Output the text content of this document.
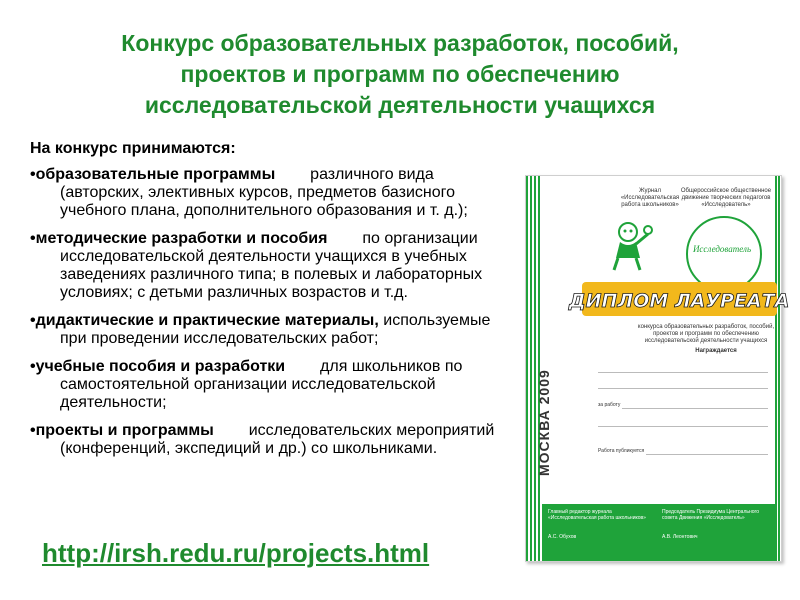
Конкурс образовательных разработок, пособий,
проектов и программ по обеспечению
исследовательской деятельности учащихся
На конкурс принимаются:
•образовательные программы различного вида (авторских, элективных курсов, предметов базисного учебного плана, дополнительного образования и т. д.);
•методические разработки и пособия по организации исследовательской деятельности учащихся в учебных заведениях различного типа; в полевых и лабораторных условиях; с детьми различных возрастов и т.д.
•дидактические и практические материалы, используемые при проведении исследовательских работ;
•учебные пособия и разработки для школьников по самостоятельной организации исследовательской деятельности;
•проекты и программы исследовательских мероприятий (конференций, экспедиций и др.) со школьниками.
http://irsh.redu.ru/projects.html
Журнал «Исследовательская работа школьников»
Общероссийское общественное движение творческих педагогов «Исследователь»
Исследователь
ДИПЛОМ ЛАУРЕАТА
конкурса образовательных разработок, пособий, проектов и программ по обеспечению исследовательской деятельности учащихся
Награждается
за работу
Работа публикуется
МОСКВА 2009
Главный редактор журнала «Исследовательская работа школьников»
Председатель Президиума Центрального совета Движения «Исследователь»
А.С. Обухов	А.В. Леонтович
